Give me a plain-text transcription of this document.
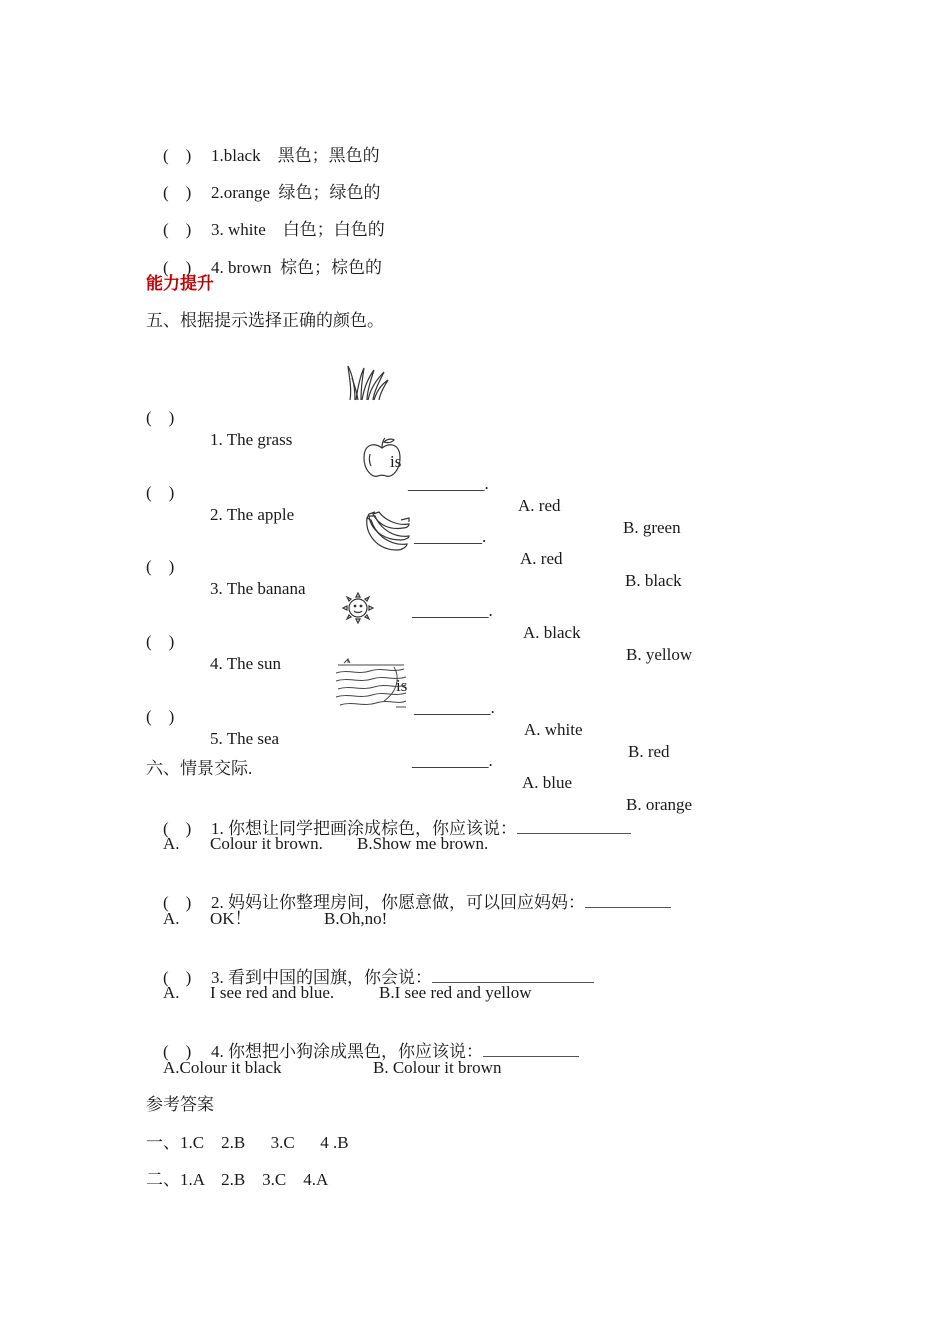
(    ) 1.black    黑色；黑色的

(    ) 2.orange  绿色；绿色的

(    ) 3. white    白色；白色的

(    ) 4. brown  棕色；棕色的

能力提升
五、根据提示选择正确的颜色。

(    )

1. The grass

is

_________.

A. red

B. green

(    )

2. The apple

________.

A. red

B. black

(    )

3. The banana

_________.

A. black

B. yellow

(    )

4. The sun

is

_________.

A. white

B. red

(    )

5. The sea

_________.

A. blue

B. orange

六、情景交际.

(    ) 1. 你想让同学把画涂成棕色，你应该说：

A. Colour it brown. B.Show me brown.

(    ) 2. 妈妈让你整理房间，你愿意做，可以回应妈妈：

A. OK！	B.Oh,no!

(    ) 3. 看到中国的国旗，你会说：

A. I see red and blue.	B.I see red and yellow

(    ) 4. 你想把小狗涂成黑色，你应该说：

A.Colour it black	B. Colour it brown
参考答案
一、1.C    2.B      3.C      4 .B
二、1.A    2.B    3.C    4.A
